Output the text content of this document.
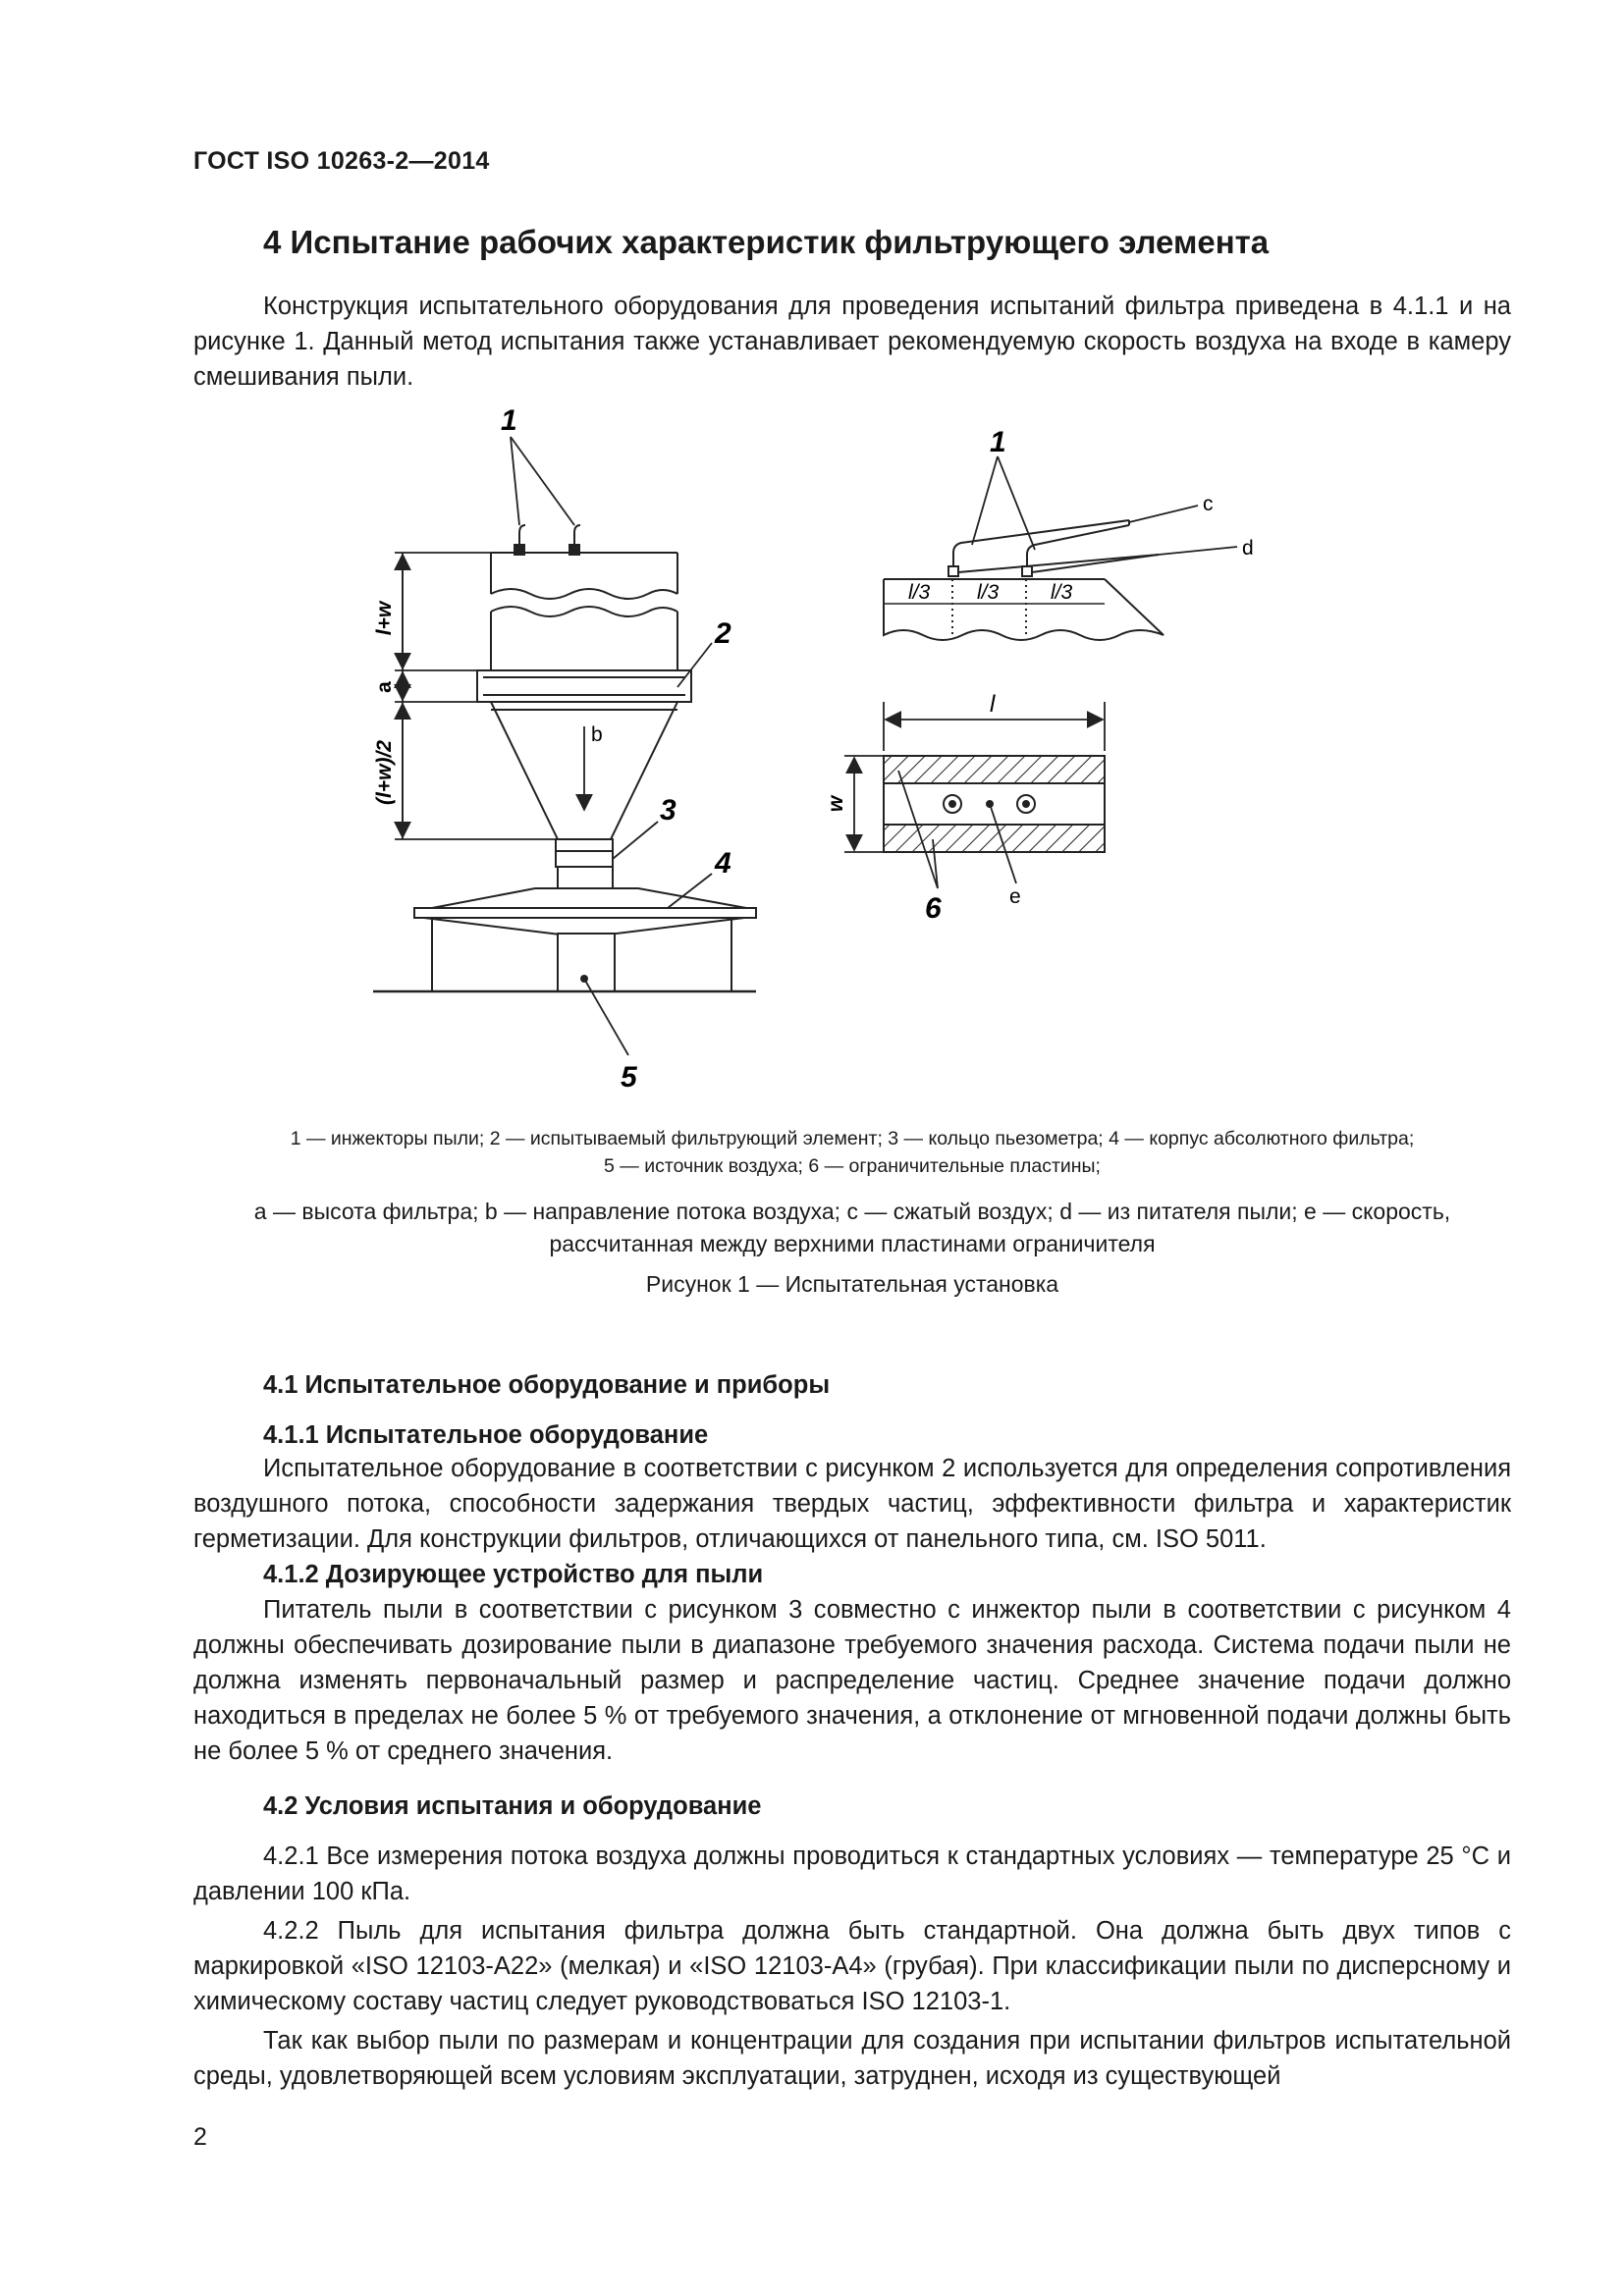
ГОСТ ISO 10263-2—2014
4 Испытание рабочих характеристик фильтрующего элемента
Конструкция испытательного оборудования для проведения испытаний фильтра приведена в 4.1.1 и на рисунке 1. Данный метод испытания также устанавливает рекомендуемую скорость воздуха на входе в камеру смешивания пыли.
l+w
a
(l+w)/2
b
1
2
3
4
5
1
c
d
l/3 l/3	l/3
l
w
6	e
1 — инжекторы пыли; 2 — испытываемый фильтрующий элемент; 3 — кольцо пьезометра; 4 — корпус абсолютного фильтра;
5 — источник воздуха; 6 — ограничительные пластины;
a — высота фильтра; b — направление потока воздуха; c — сжатый воздух; d — из питателя пыли; e — скорость,
рассчитанная между верхними пластинами ограничителя
Рисунок 1 — Испытательная установка
4.1 Испытательное оборудование и приборы
4.1.1 Испытательное оборудование
Испытательное оборудование в соответствии с рисунком 2 используется для определения сопротивления воздушного потока, способности задержания твердых частиц, эффективности фильтра и характеристик герметизации. Для конструкции фильтров, отличающихся от панельного типа, см. ISO 5011.
4.1.2 Дозирующее устройство для пыли
Питатель пыли в соответствии с рисунком 3 совместно с инжектор пыли в соответствии с рисунком 4 должны обеспечивать дозирование пыли в диапазоне требуемого значения расхода. Система подачи пыли не должна изменять первоначальный размер и распределение частиц. Среднее значение подачи должно находиться в пределах не более 5 % от требуемого значения, а отклонение от мгновенной подачи должны быть не более 5 % от среднего значения.
4.2 Условия испытания и оборудование
4.2.1 Все измерения потока воздуха должны проводиться к стандартных условиях — температуре 25 °С и давлении 100 кПа.
4.2.2 Пыль для испытания фильтра должна быть стандартной. Она должна быть двух типов с маркировкой «ISO 12103-А22» (мелкая) и «ISO 12103-А4» (грубая). При классификации пыли по дисперсному и химическому составу частиц следует руководствоваться ISO 12103-1.
Так как выбор пыли по размерам и концентрации для создания при испытании фильтров испытательной среды, удовлетворяющей всем условиям эксплуатации, затруднен, исходя из существующей
2
